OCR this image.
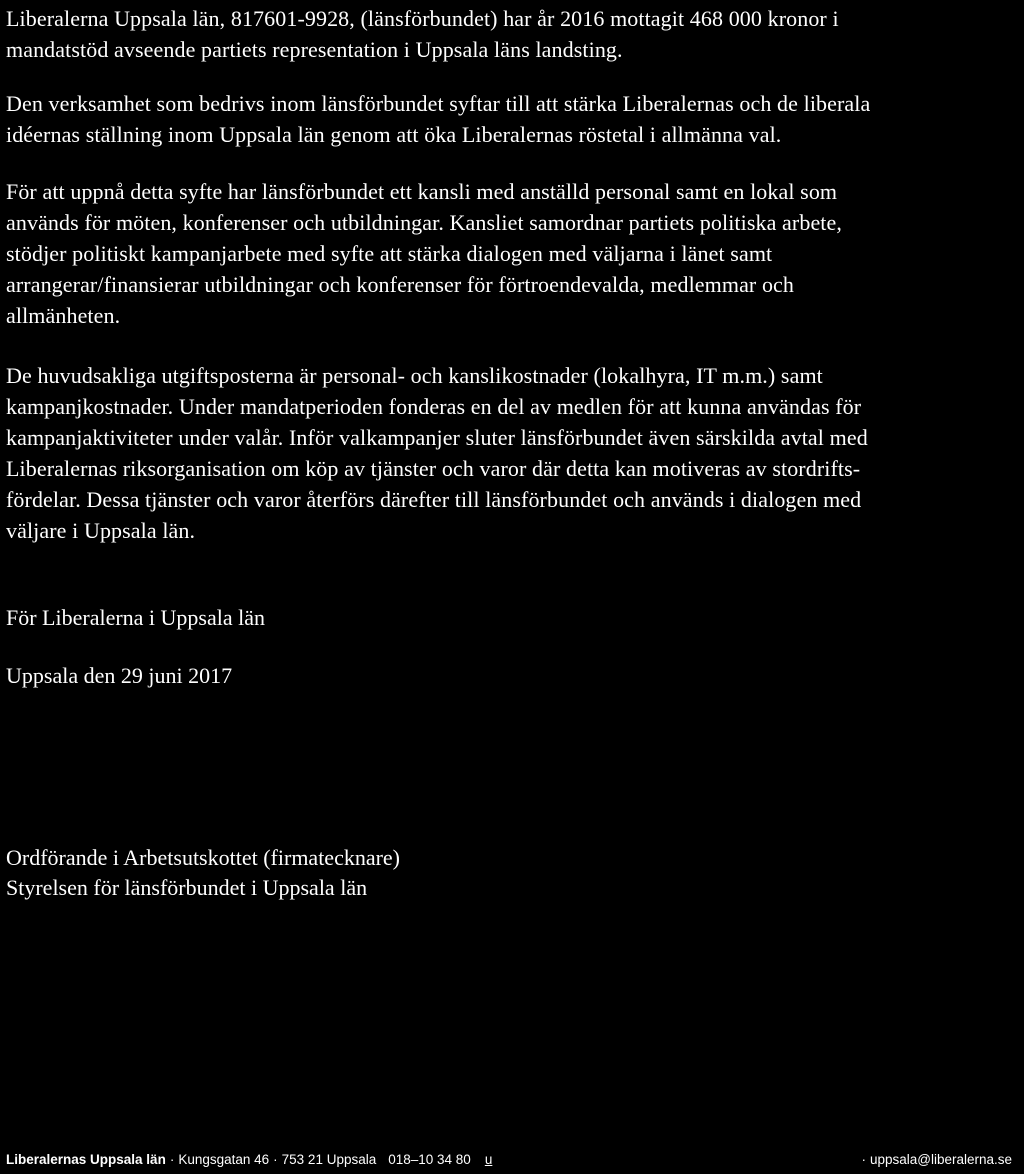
Liberalerna Uppsala län, 817601-9928, (länsförbundet) har år 2016 mottagit 468 000 kronor i
mandatstöd avseende partiets representation i Uppsala läns landsting.
Den verksamhet som bedrivs inom länsförbundet syftar till att stärka Liberalernas och de liberala
idéernas ställning inom Uppsala län genom att öka Liberalernas röstetal i allmänna val.
För att uppnå detta syfte har länsförbundet ett kansli med anställd personal samt en lokal som
används för möten, konferenser och utbildningar. Kansliet samordnar partiets politiska arbete,
stödjer politiskt kampanjarbete med syfte att stärka dialogen med väljarna i länet samt
arrangerar/finansierar utbildningar och konferenser för förtroendevalda, medlemmar och
allmänheten.
De huvudsakliga utgiftsposterna är personal- och kanslikostnader (lokalhyra, IT m.m.) samt
kampanjkostnader. Under mandatperioden fonderas en del av medlen för att kunna användas för
kampanjaktiviteter under valår. Inför valkampanjer sluter länsförbundet även särskilda avtal med
Liberalernas riksorganisation om köp av tjänster och varor där detta kan motiveras av stordrifts-
fördelar. Dessa tjänster och varor återförs därefter till länsförbundet och används i dialogen med
väljare i Uppsala län.

För Liberalerna i Uppsala län

Uppsala den 29 juni 2017

Ordförande i Arbetsutskottet (firmatecknare)

Styrelsen för länsförbundet i Uppsala län

Liberalernas Uppsala län · Kungsgatan 46 · 753 21 Uppsala 018–10 34 80 u	· uppsala@liberalerna.se
